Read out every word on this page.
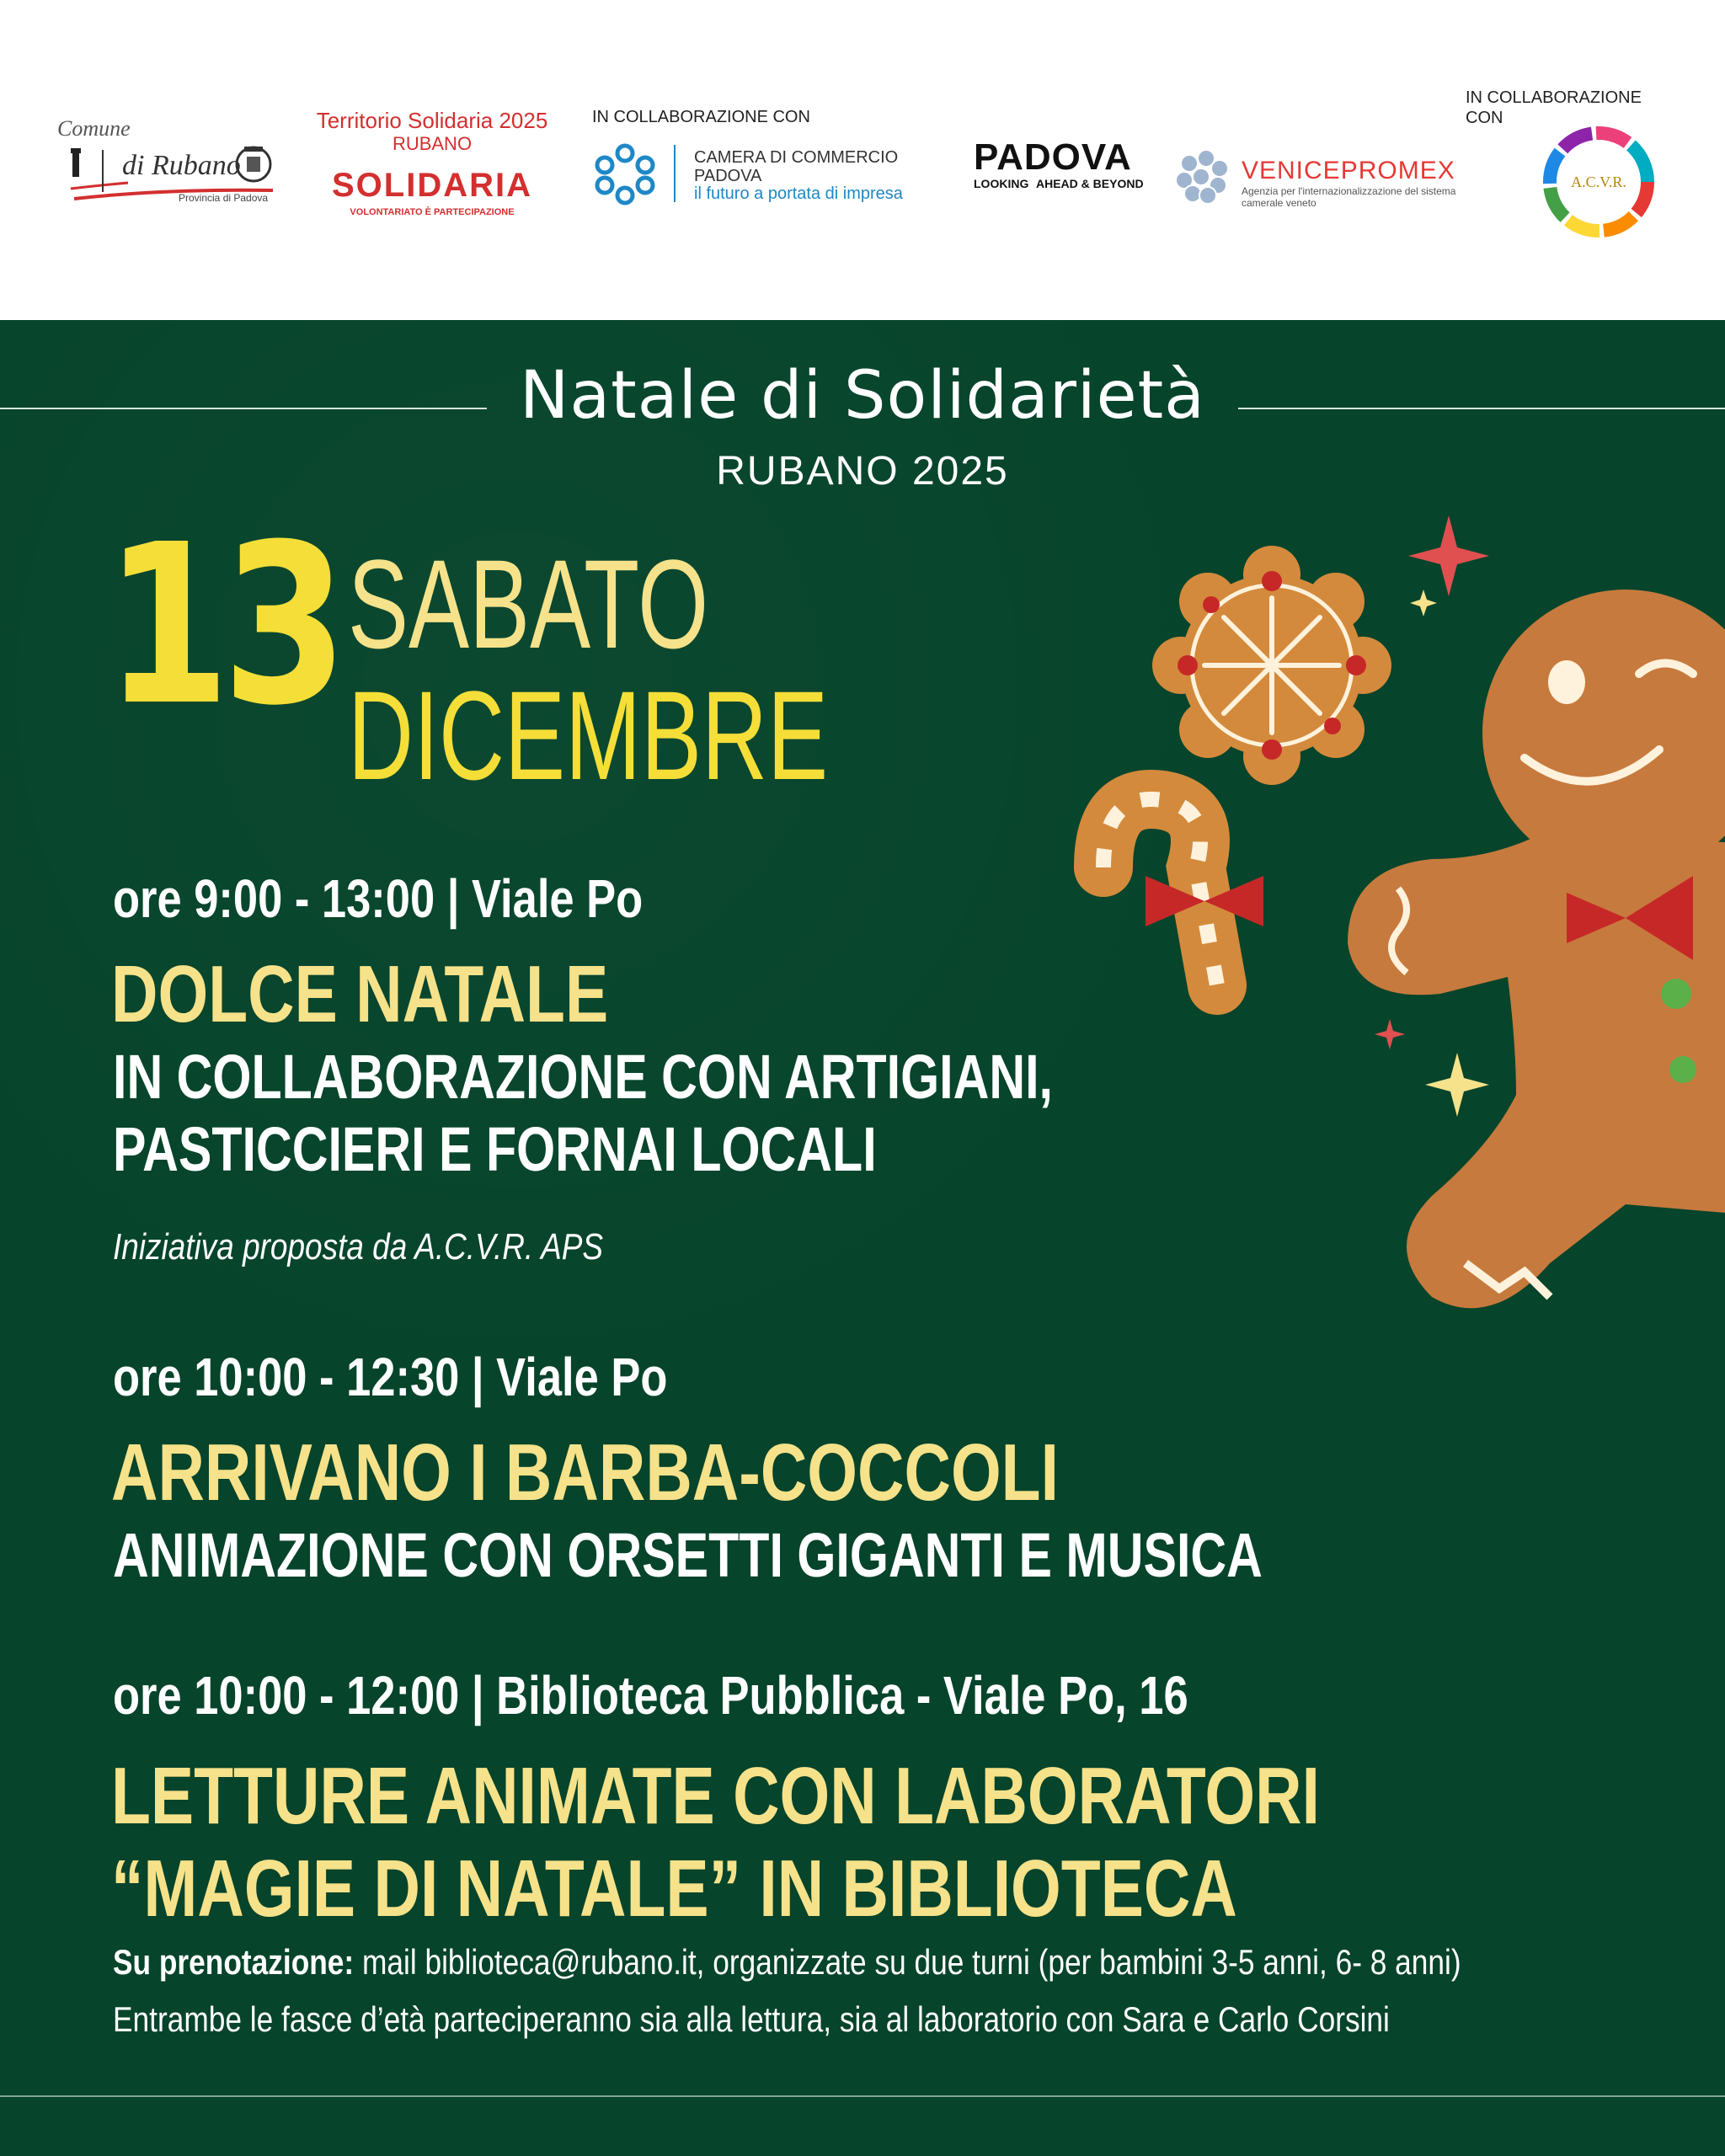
Comune
di Rubano
Provincia di Padova
Territorio Solidaria 2025
RUBANO
SOLIDARIA
VOLONTARIATO È PARTECIPAZIONE
IN COLLABORAZIONE CON
CAMERA DI COMMERCIO
PADOVA
il futuro a portata di impresa
PADOVA
LOOKING AHEAD & BEYOND	VENICEPROMEX
Agenzia per l'internazionalizzazione del sistema camerale veneto
IN COLLABORAZIONE CON
A.C.V.R.
Natale di Solidarietà
RUBANO 2025
13 SABATO
DICEMBRE
ore 9:00 - 13:00 | Viale Po
DOLCE NATALE
IN COLLABORAZIONE CON ARTIGIANI,
PASTICCIERI E FORNAI LOCALI
Iniziativa proposta da A.C.V.R. APS
ore 10:00 - 12:30 | Viale Po
ARRIVANO I BARBA-COCCOLI
ANIMAZIONE CON ORSETTI GIGANTI E MUSICA
ore 10:00 - 12:00 | Biblioteca Pubblica - Viale Po, 16
LETTURE ANIMATE CON LABORATORI
“MAGIE DI NATALE” IN BIBLIOTECA
Su prenotazione: mail biblioteca@rubano.it, organizzate su due turni (per bambini 3-5 anni, 6- 8 anni)
Entrambe le fasce d’età parteciperanno sia alla lettura, sia al laboratorio con Sara e Carlo Corsini
